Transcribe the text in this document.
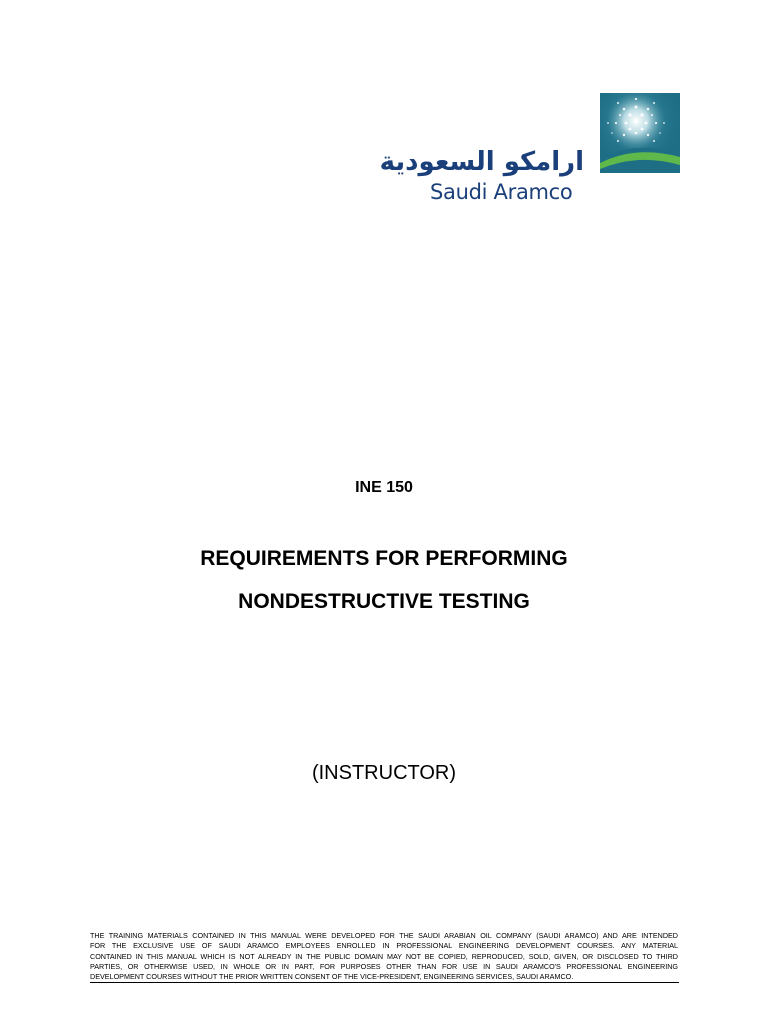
ارامكو السعودية
Saudi Aramco
INE 150
REQUIREMENTS FOR PERFORMING
NONDESTRUCTIVE TESTING
(INSTRUCTOR)
THE TRAINING MATERIALS CONTAINED IN THIS MANUAL WERE DEVELOPED FOR THE SAUDI ARABIAN OIL COMPANY (SAUDI ARAMCO) AND ARE INTENDED
FOR THE EXCLUSIVE USE OF SAUDI ARAMCO EMPLOYEES ENROLLED IN PROFESSIONAL ENGINEERING DEVELOPMENT COURSES. ANY MATERIAL
CONTAINED IN THIS MANUAL WHICH IS NOT ALREADY IN THE PUBLIC DOMAIN MAY NOT BE COPIED, REPRODUCED, SOLD, GIVEN, OR DISCLOSED TO THIRD
PARTIES, OR OTHERWISE USED, IN WHOLE OR IN PART, FOR PURPOSES OTHER THAN FOR USE IN SAUDI ARAMCO'S PROFESSIONAL ENGINEERING
DEVELOPMENT COURSES WITHOUT THE PRIOR WRITTEN CONSENT OF THE VICE-PRESIDENT, ENGINEERING SERVICES, SAUDI ARAMCO.
